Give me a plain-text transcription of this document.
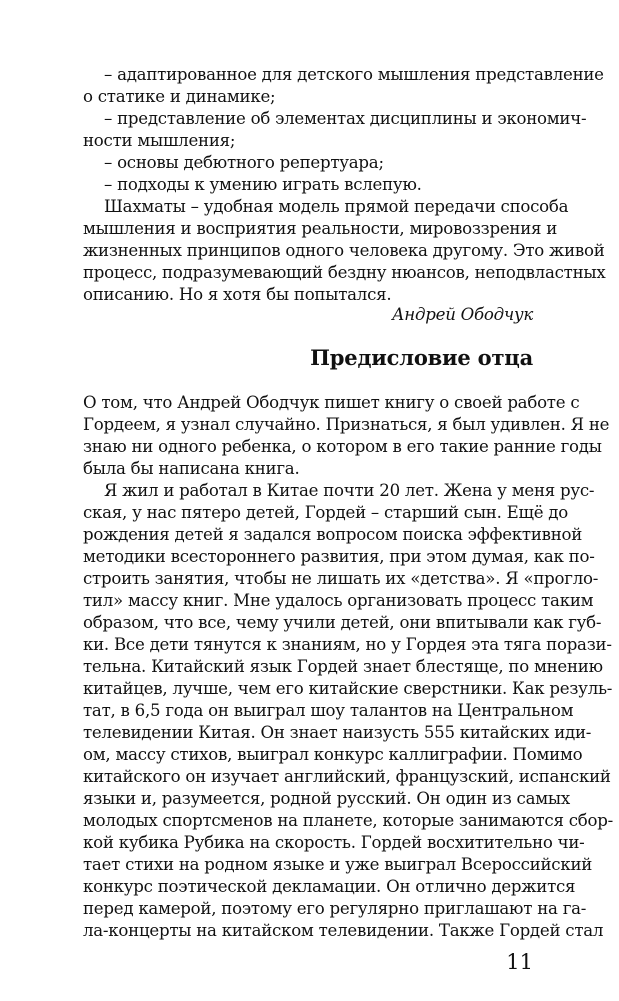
– адаптированное для детского мышления представление
о статике и динамике;
– представление об элементах дисциплины и экономич-
ности мышления;
– основы дебютного репертуара;
– подходы к умению играть вслепую.
Шахматы – удобная модель прямой передачи способа
мышления и восприятия реальности, мировоззрения и
жизненных принципов одного человека другому. Это живой
процесс, подразумевающий бездну нюансов, неподвластных
описанию. Но я хотя бы попытался.
Андрей Ободчук
Предисловие отца
О том, что Андрей Ободчук пишет книгу о своей работе с
Гордеем, я узнал случайно. Признаться, я был удивлен. Я не
знаю ни одного ребенка, о котором в его такие ранние годы
была бы написана книга.
Я жил и работал в Китае почти 20 лет. Жена у меня рус-
ская, у нас пятеро детей, Гордей – старший сын. Ещё до
рождения детей я задался вопросом поиска эффективной
методики всестороннего развития, при этом думая, как по-
строить занятия, чтобы не лишать их «детства». Я «прогло-
тил» массу книг. Мне удалось организовать процесс таким
образом, что все, чему учили детей, они впитывали как губ-
ки. Все дети тянутся к знаниям, но у Гордея эта тяга порази-
тельна. Китайский язык Гордей знает блестяще, по мнению
китайцев, лучше, чем его китайские сверстники. Как резуль-
тат, в 6,5 года он выиграл шоу талантов на Центральном
телевидении Китая. Он знает наизусть 555 китайских иди-
ом, массу стихов, выиграл конкурс каллиграфии. Помимо
китайского он изучает английский, французский, испанский
языки и, разумеется, родной русский. Он один из самых
молодых спортсменов на планете, которые занимаются сбор-
кой кубика Рубика на скорость. Гордей восхитительно чи-
тает стихи на родном языке и уже выиграл Всероссийский
конкурс поэтической декламации. Он отлично держится
перед камерой, поэтому его регулярно приглашают на га-
ла-концерты на китайском телевидении. Также Гордей стал
11
